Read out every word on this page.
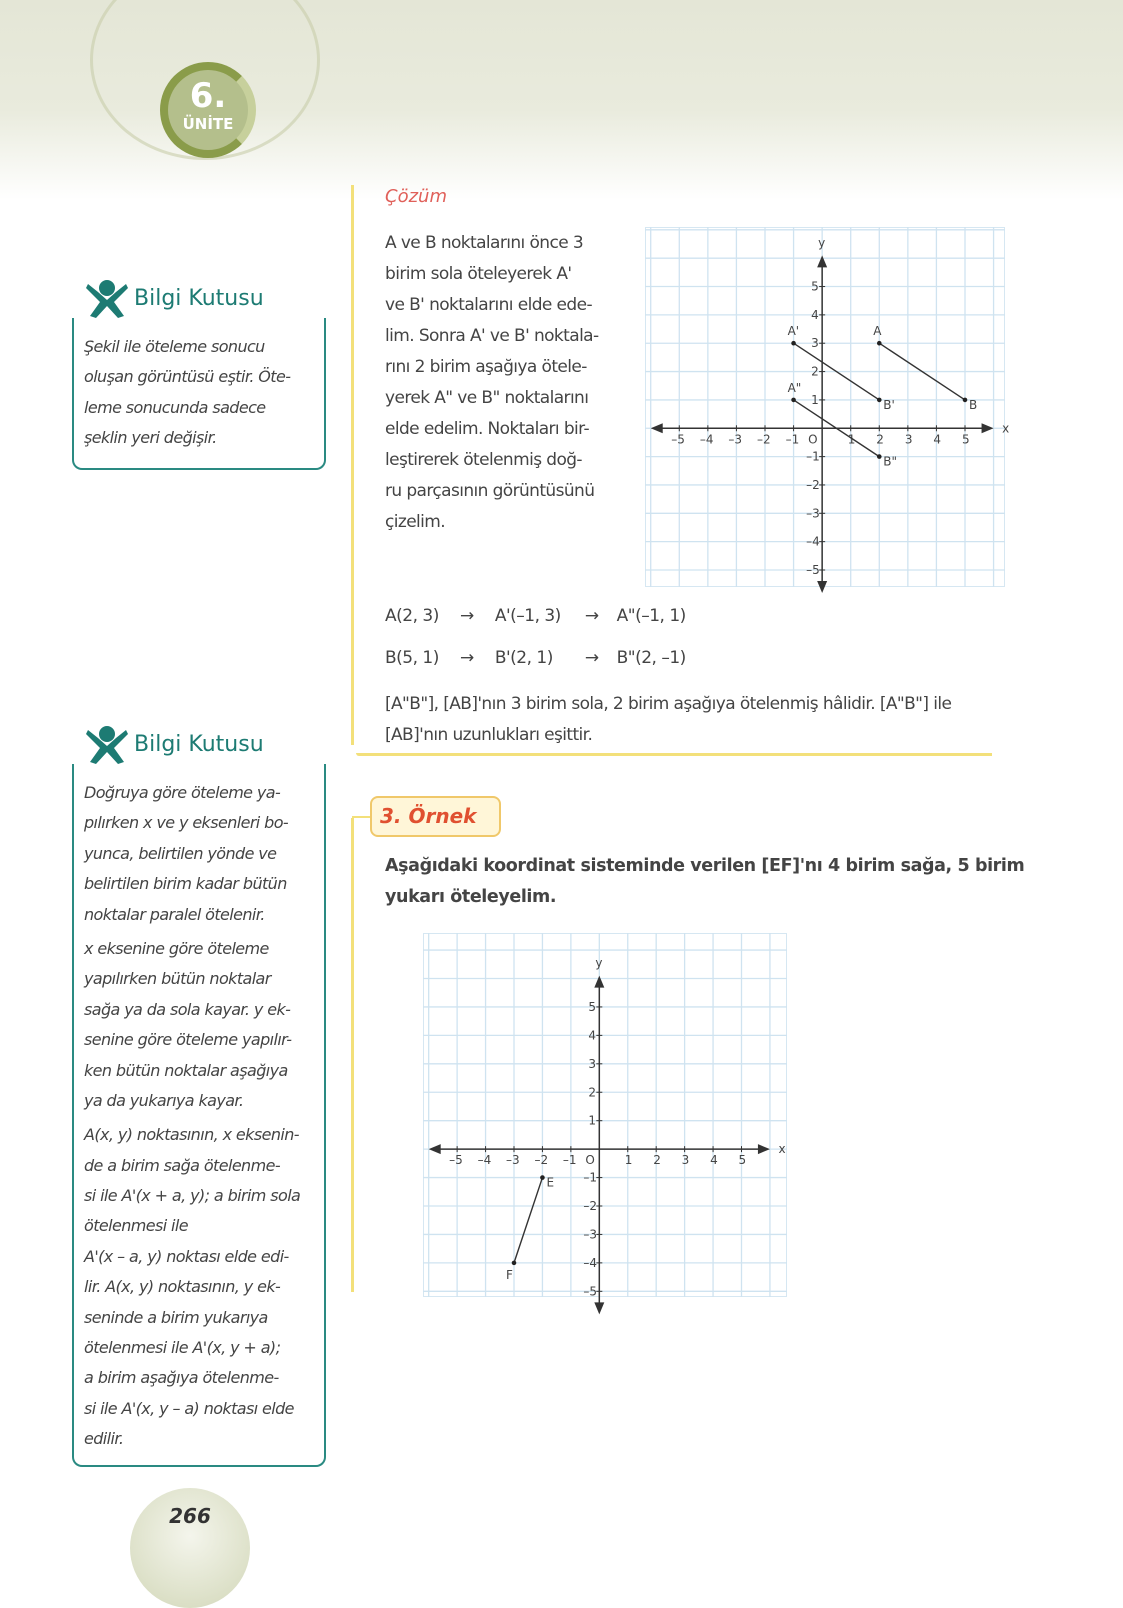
6.
ÜNİTE
Bilgi Kutusu
Şekil ile öteleme sonucu
oluşan görüntüsü eştir. Öte-
leme sonucunda sadece
şeklin yeri değişir.
Bilgi Kutusu
Doğruya göre öteleme ya-
pılırken x ve y eksenleri bo-
yunca, belirtilen yönde ve
belirtilen birim kadar bütün
noktalar paralel ötelenir.
x eksenine göre öteleme
yapılırken bütün noktalar
sağa ya da sola kayar. y ek-
senine göre öteleme yapılır-
ken bütün noktalar aşağıya
ya da yukarıya kayar.
A(x, y) noktasının, x eksenin-
de a birim sağa ötelenme-
si ile A'(x + a, y); a birim sola
ötelenmesi ile
A'(x – a, y) noktası elde edi-
lir. A(x, y) noktasının, y ek-
seninde a birim yukarıya
ötelenmesi ile A'(x, y + a);
a birim aşağıya ötelenme-
si ile A'(x, y – a) noktası elde
edilir.
Çözüm
A ve B noktalarını önce 3
birim sola öteleyerek A'
ve B' noktalarını elde ede-
lim. Sonra A' ve B' noktala-
rını 2 birim aşağıya ötele-
yerek A" ve B" noktalarını
elde edelim. Noktaları bir-
leştirerek ötelenmiş doğ-
ru parçasının görüntüsünü
çizelim.
x
y
O
–5 –4 –3 –2 –1	1 2 3 4 5
–5
–4
–3
–2
–1
1
2
3
4
5
A
B
A'
B'
A"
B"
A(2, 3) → A'(–1, 3) → A"(–1, 1)
B(5, 1) → B'(2, 1) → B"(2, –1)
[A"B"], [AB]'nın 3 birim sola, 2 birim aşağıya ötelenmiş hâlidir. [A"B"] ile
[AB]'nın uzunlukları eşittir.
3. Örnek
Aşağıdaki koordinat sisteminde verilen [EF]'nı 4 birim sağa, 5 birim
yukarı öteleyelim.
x
y
O
–5 –4 –3 –2 –1	1 2 3 4 5
–5
–4
–3
–2
–1
1
2
3
4
5
E
F
266
